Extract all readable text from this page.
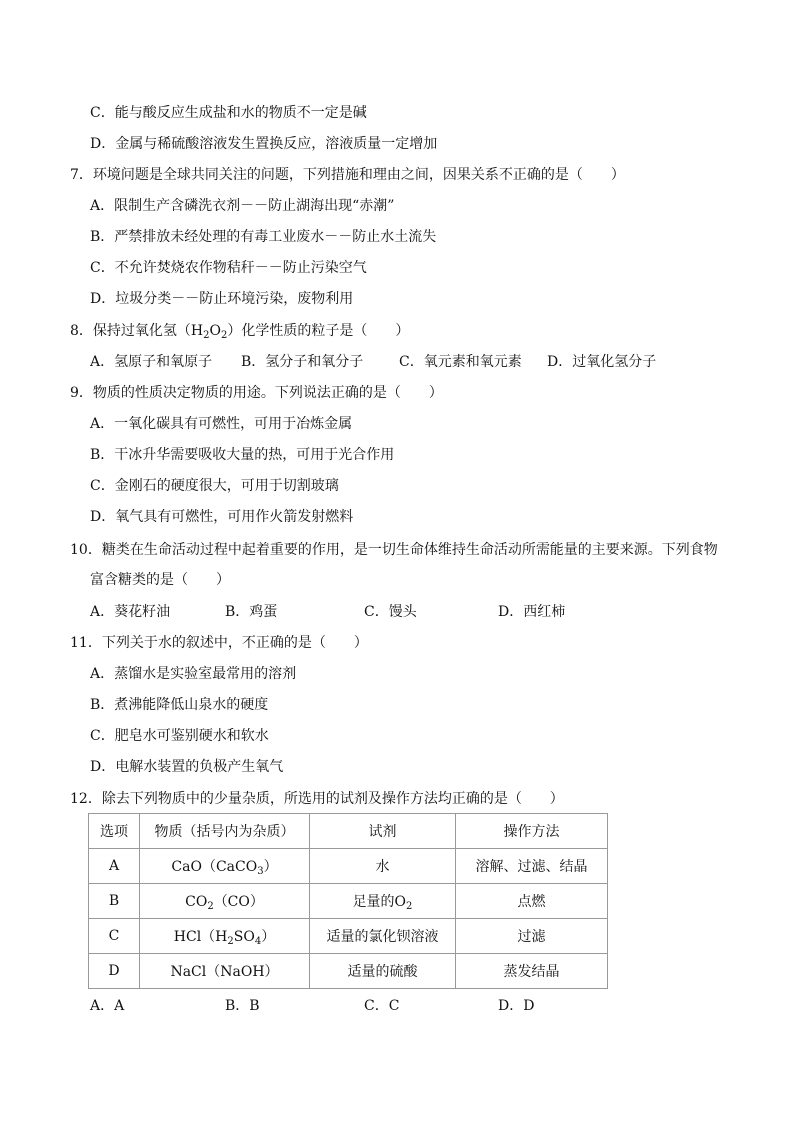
C．能与酸反应生成盐和水的物质不一定是碱
D．金属与稀硫酸溶液发生置换反应，溶液质量一定增加
7．环境问题是全球共同关注的问题，下列措施和理由之间，因果关系不正确的是（　　）
A．限制生产含磷洗衣剂－－防止湖海出现“赤潮”
B．严禁排放未经处理的有毒工业废水－－防止水土流失
C．不允许焚烧农作物秸秆－－防止污染空气
D．垃圾分类－－防止环境污染，废物利用
8．保持过氧化氢$(H_2O_2)$化学性质的粒子是（　　）
A．氢原子和氧原子 B．氢分子和氧分子	C．氧元素和氧元素 D．过氧化氢分子
9．物质的性质决定物质的用途。下列说法正确的是（　　）
A．一氧化碳具有可燃性，可用于冶炼金属
B．干冰升华需要吸收大量的热，可用于光合作用
C．金刚石的硬度很大，可用于切割玻璃
D．氧气具有可燃性，可用作火箭发射燃料
10．糖类在生命活动过程中起着重要的作用，是一切生命体维持生命活动所需能量的主要来源。下列食物
富含糖类的是（　　）
A．葵花籽油	B．鸡蛋	C．馒头	D．西红柿
11．下列关于水的叙述中，不正确的是（　　）
A．蒸馏水是实验室最常用的溶剂
B．煮沸能降低山泉水的硬度
C．肥皂水可鉴别硬水和软水
D．电解水装置的负极产生氧气
12．除去下列物质中的少量杂质，所选用的试剂及操作方法均正确的是（　　）
选项	物质（括号内为杂质）	试剂	操作方法
A	CaO（CaCO$_3$）	水	溶解、过滤、结晶
B	$CO_2(CO)$	足量的$O_2$	点燃
C	$HCl(H_2SO_4)$	适量的氯化钡溶液	过滤
D	NaCl（NaOH）	适量的硫酸	蒸发结晶
A．A	B．B	C．C	D．D
